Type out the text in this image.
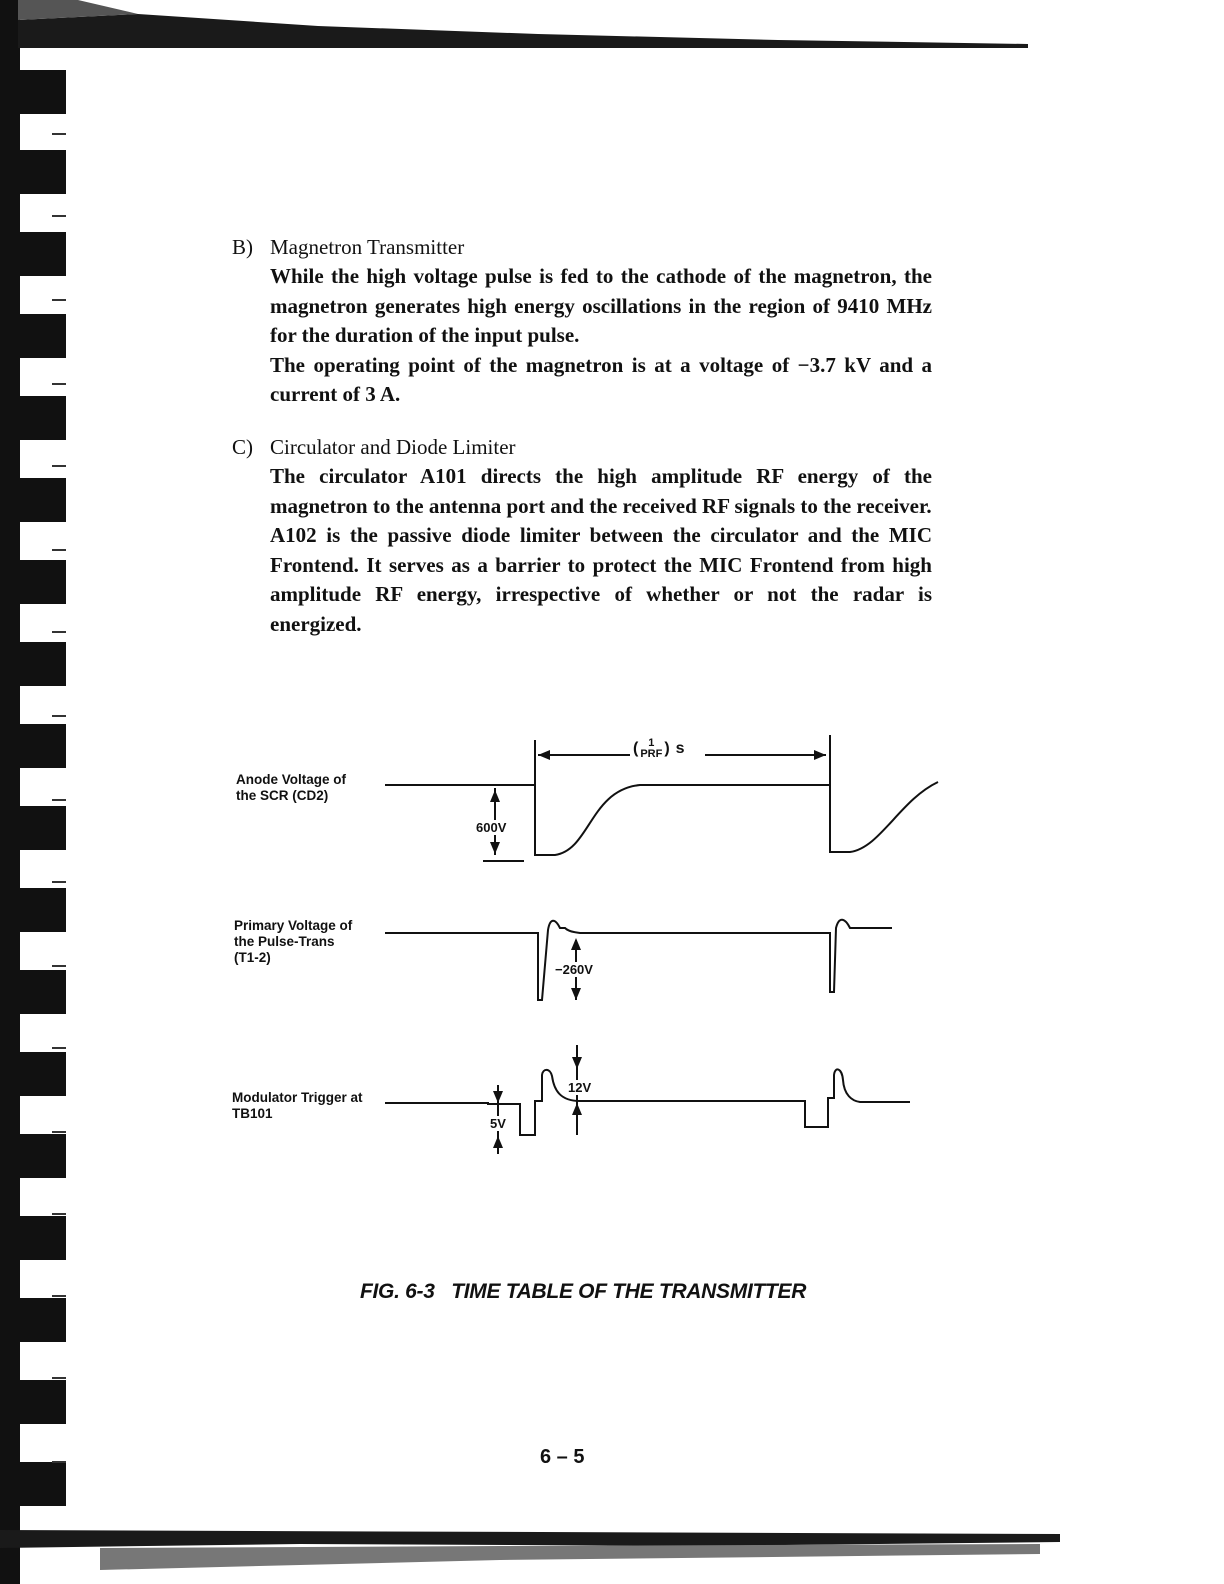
B) Magnetron Transmitter
While the high voltage pulse is fed to the cathode of the magnetron, the magnetron generates high energy oscillations in the region of 9410 MHz for the duration of the input pulse.
The operating point of the magnetron is at a voltage of −3.7 kV and a current of 3 A.
C) Circulator and Diode Limiter
The circulator A101 directs the high amplitude RF energy of the magnetron to the antenna port and the received RF signals to the receiver.
A102 is the passive diode limiter between the circulator and the MIC Frontend. It serves as a barrier to protect the MIC Frontend from high amplitude RF energy, irrespective of whether or not the radar is energized.
( 1
PRF ) s
Anode Voltage of
the SCR (CD2)
600V
Primary Voltage of
the Pulse-Trans
(T1-2)
−260V
Modulator Trigger at
TB101
5V
12V
FIG. 6-3   TIME TABLE OF THE TRANSMITTER
6 – 5
